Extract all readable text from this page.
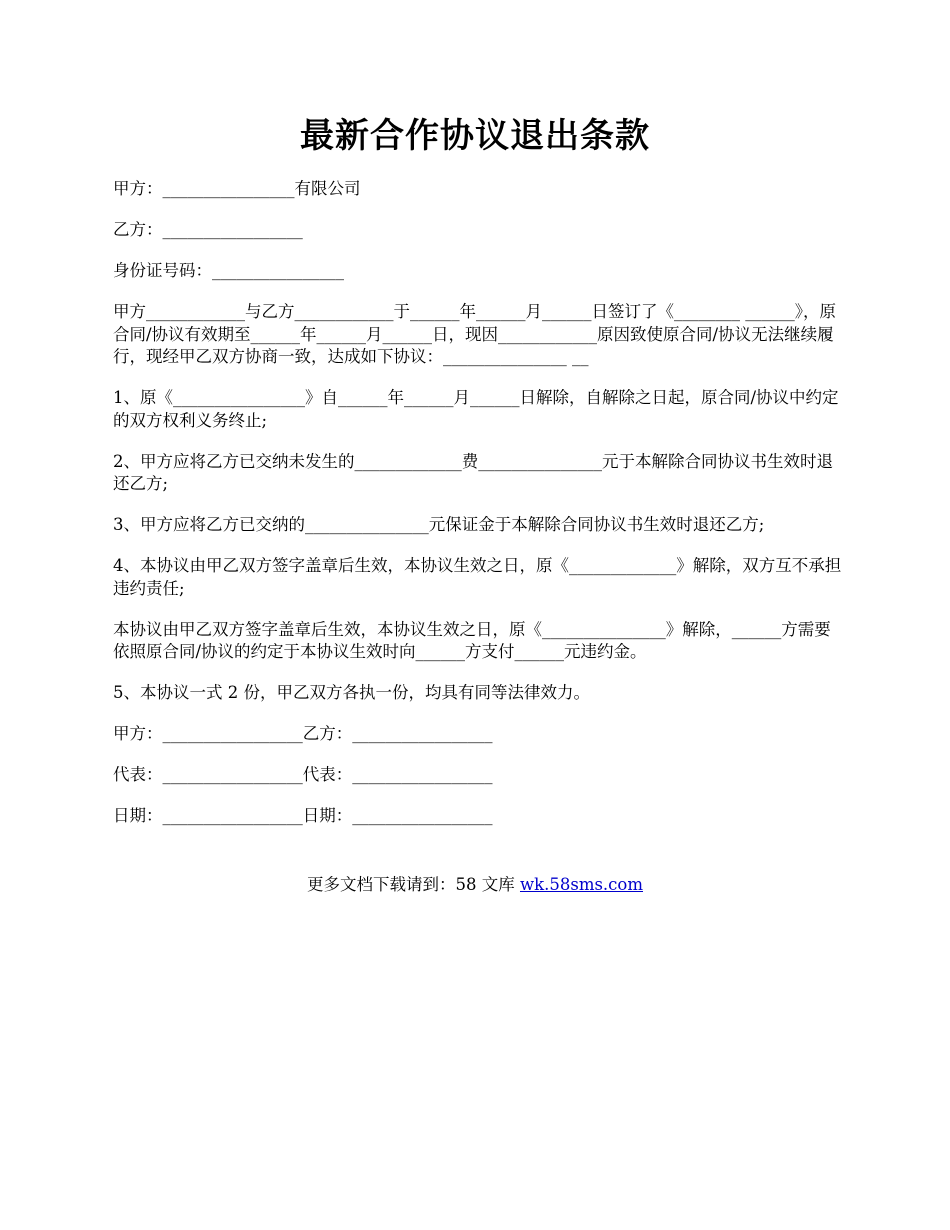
最新合作协议退出条款

甲方：________________有限公司

乙方：_________________

身份证号码：________________

甲方____________与乙方____________于______年______月______日签订了《________ ______》，原合同/协议有效期至______年______月______日，现因____________原因致使原合同/协议无法继续履行，现经甲乙双方协商一致，达成如下协议：_______________ __

1、原《________________》自______年______月______日解除，自解除之日起，原合同/协议中约定的双方权利义务终止;

2、甲方应将乙方已交纳未发生的_____________费_______________元于本解除合同协议书生效时退还乙方;

3、甲方应将乙方已交纳的_______________元保证金于本解除合同协议书生效时退还乙方;

4、本协议由甲乙双方签字盖章后生效，本协议生效之日，原《_____________》解除，双方互不承担违约责任;

本协议由甲乙双方签字盖章后生效，本协议生效之日，原《_______________》解除，______方需要依照原合同/协议的约定于本协议生效时向______方支付______元违约金。

5、本协议一式 2 份，甲乙双方各执一份，均具有同等法律效力。

甲方：_________________乙方：_________________

代表：_________________代表：_________________

日期：_________________日期：_________________

更多文档下载请到：58 文库 wk.58sms.com
